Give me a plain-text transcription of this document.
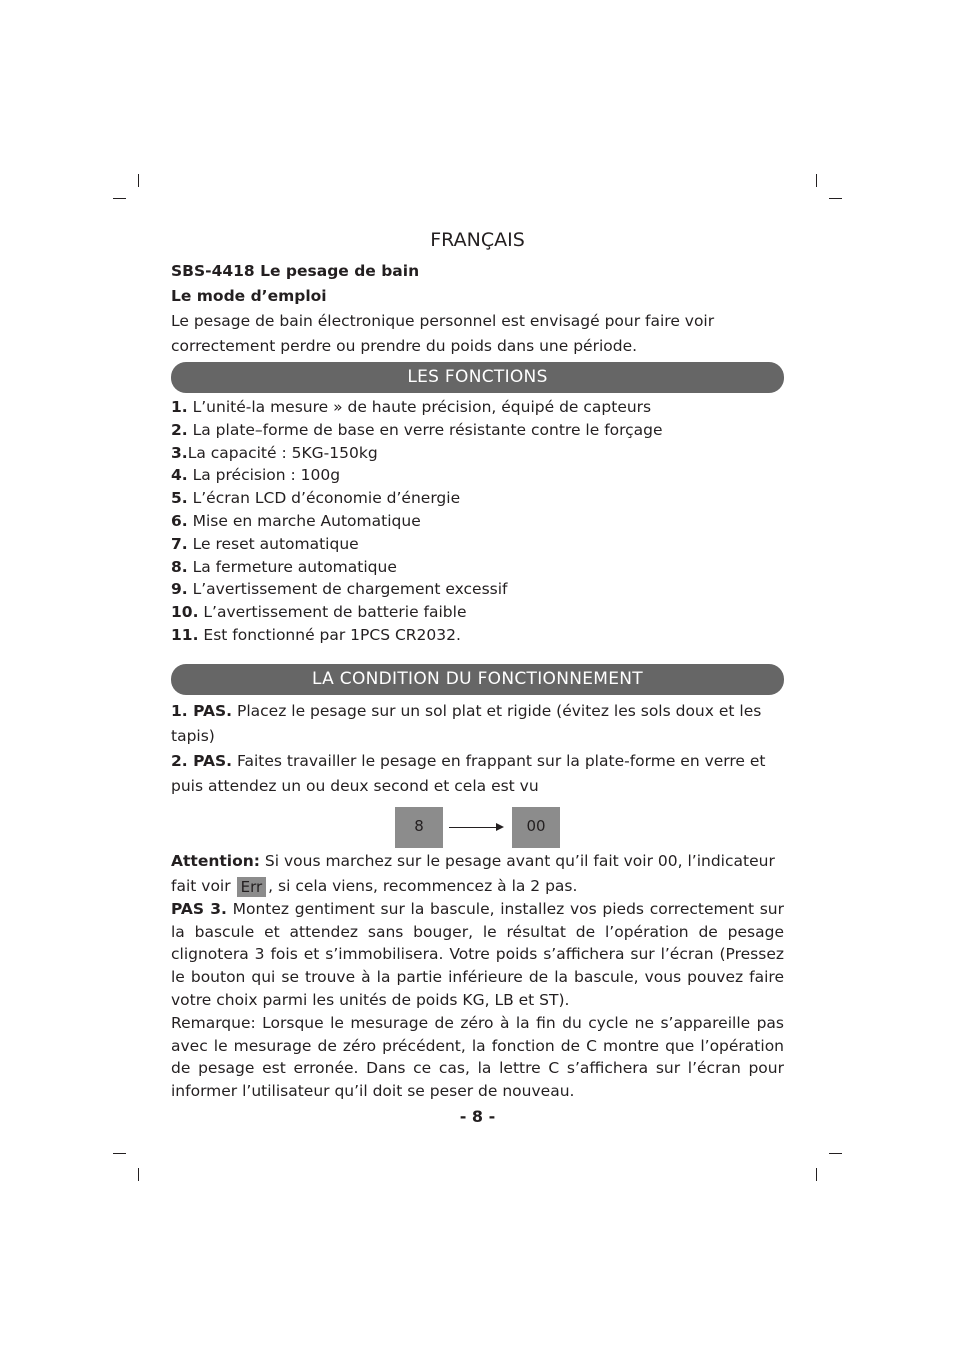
FRANÇAIS
SBS-4418 Le pesage de bain
Le mode d’emploi
Le pesage de bain électronique personnel est envisagé pour faire voir
correctement perdre ou prendre du poids dans une période.
LES FONCTIONS
1. L’unité-la mesure » de haute précision, équipé de capteurs
2. La plate–forme de base en verre résistante contre le forçage
3.La capacité : 5KG-150kg
4. La précision : 100g
5. L’écran LCD d’économie d’énergie
6. Mise en marche Automatique
7. Le reset automatique
8. La fermeture automatique
9. L’avertissement de chargement excessif
10. L’avertissement de batterie faible
11. Est fonctionné par 1PCS CR2032.
LA CONDITION DU FONCTIONNEMENT
1. PAS. Placez le pesage sur un sol plat et rigide (évitez les sols doux et les
tapis)
2. PAS. Faites travailler le pesage en frappant sur la plate-forme en verre et
puis attendez un ou deux second et cela est vu
8	00
Attention: Si vous marchez sur le pesage avant qu’il fait voir 00, l’indicateur
fait voir Err , si cela viens, recommencez à la 2 pas.
PAS 3. Montez gentiment sur la bascule, installez vos pieds correctement sur la bascule et attendez sans bouger, le résultat de l’opération de pesage clignotera 3 fois et s’immobilisera. Votre poids s’affichera sur l’écran (Pressez le bouton qui se trouve à la partie inférieure de la bascule, vous pouvez faire votre choix parmi les unités de poids KG, LB et ST).
Remarque: Lorsque le mesurage de zéro à la fin du cycle ne s’appareille pas avec le mesurage de zéro précédent, la fonction de C montre que l’opération de pesage est erronée. Dans ce cas, la lettre C s’affichera sur l’écran pour informer l’utilisateur qu’il doit se peser de nouveau.
- 8 -
